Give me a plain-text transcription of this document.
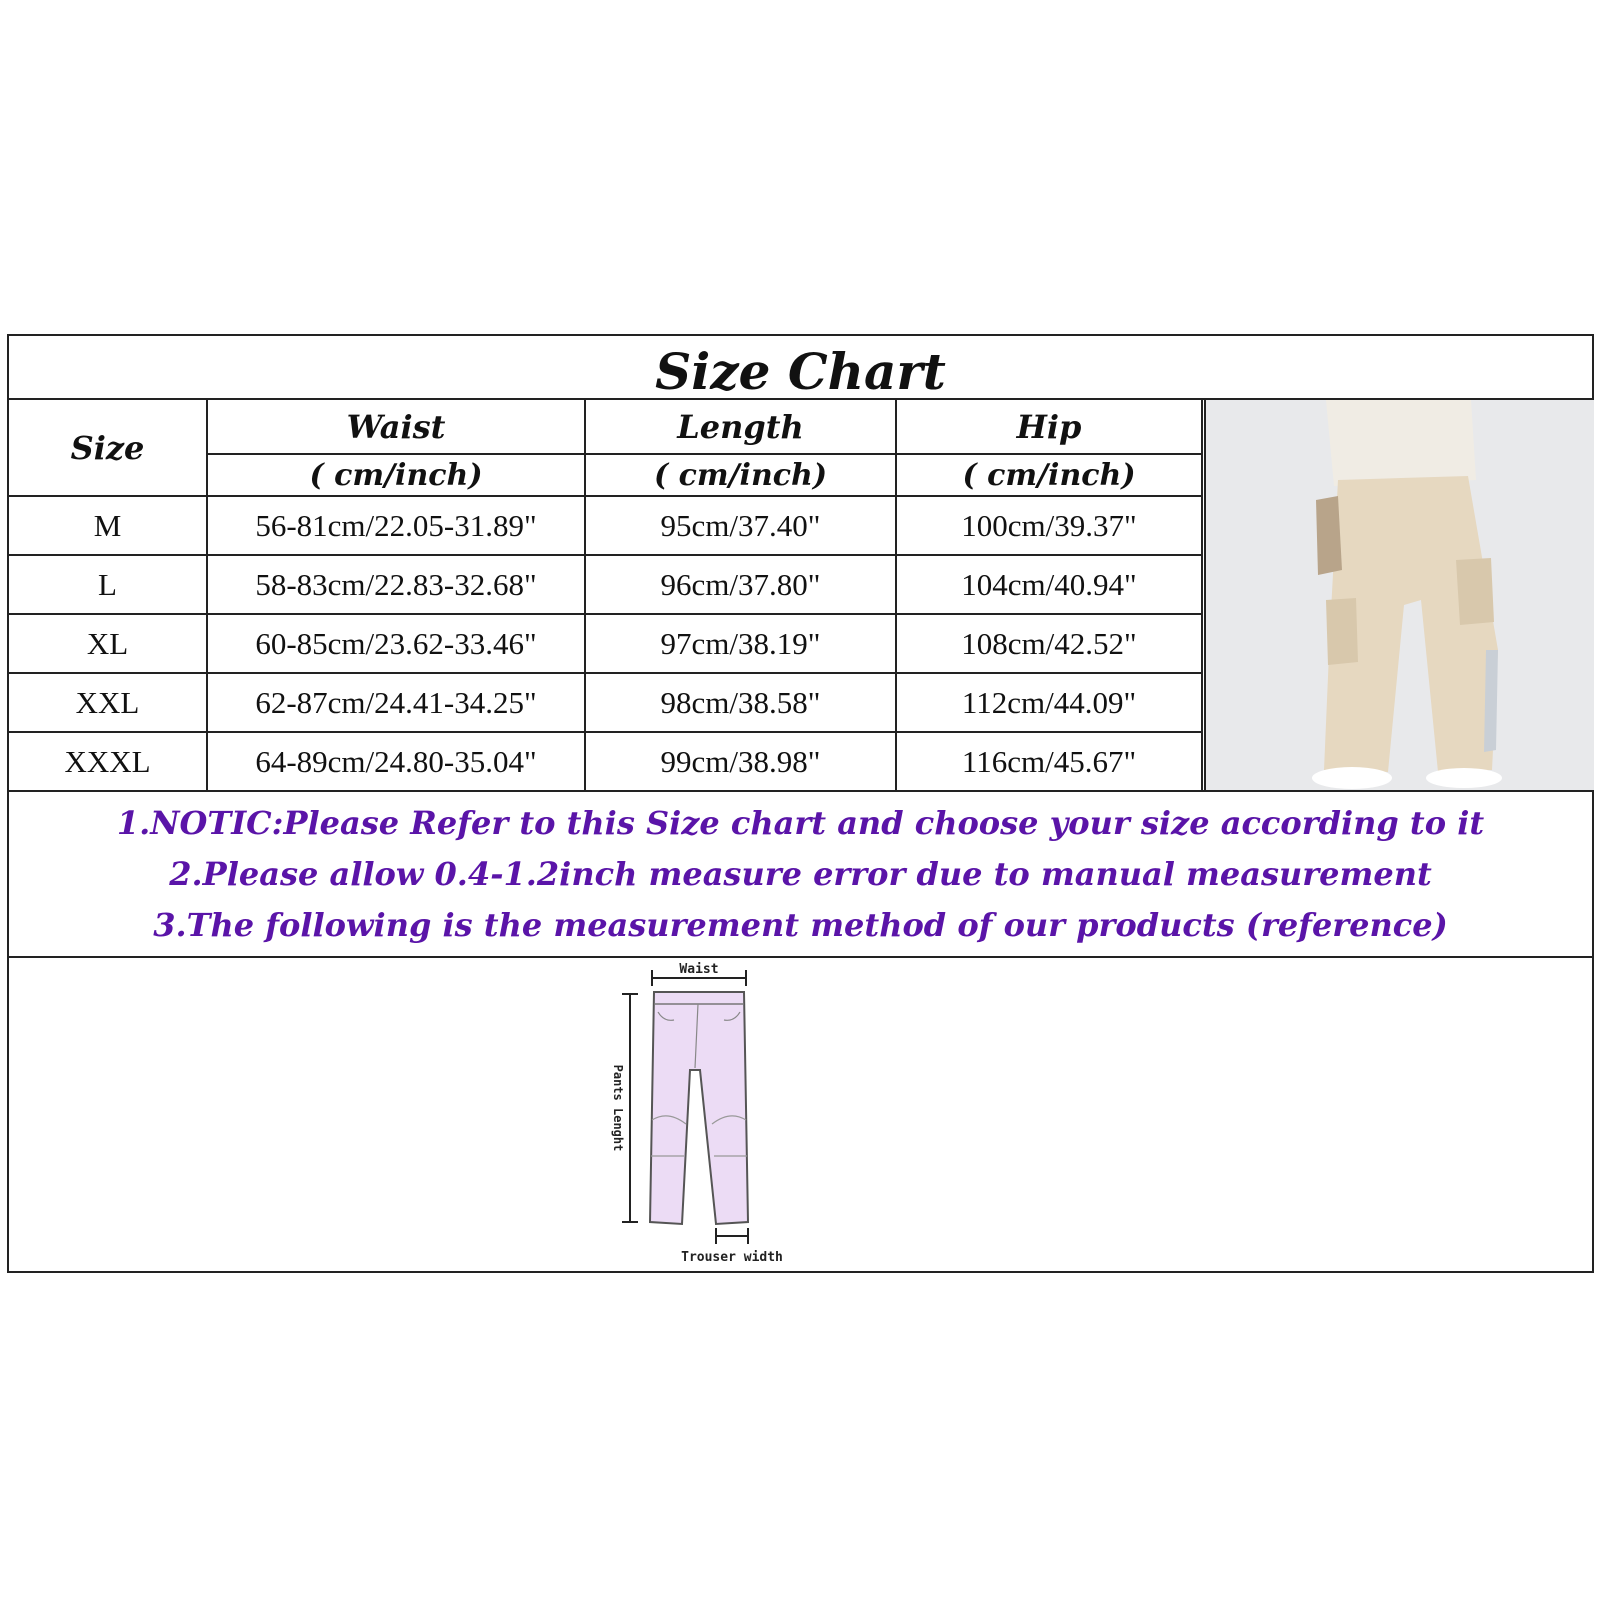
Size Chart
Size	Waist	Length	Hip
	( cm/inch)	( cm/inch)	( cm/inch)
M	56-81cm/22.05-31.89"	95cm/37.40"	100cm/39.37"
L	58-83cm/22.83-32.68"	96cm/37.80"	104cm/40.94"
XL	60-85cm/23.62-33.46"	97cm/38.19"	108cm/42.52"
XXL	62-87cm/24.41-34.25"	98cm/38.58"	112cm/44.09"
XXXL	64-89cm/24.80-35.04"	99cm/38.98"	116cm/45.67"
1.NOTIC:Please Refer to this Size chart and choose your size according to it
2.Please allow 0.4-1.2inch measure error due to manual measurement
3.The following is the measurement method of our products (reference)
Waist
Pants Lenght
Trouser width
